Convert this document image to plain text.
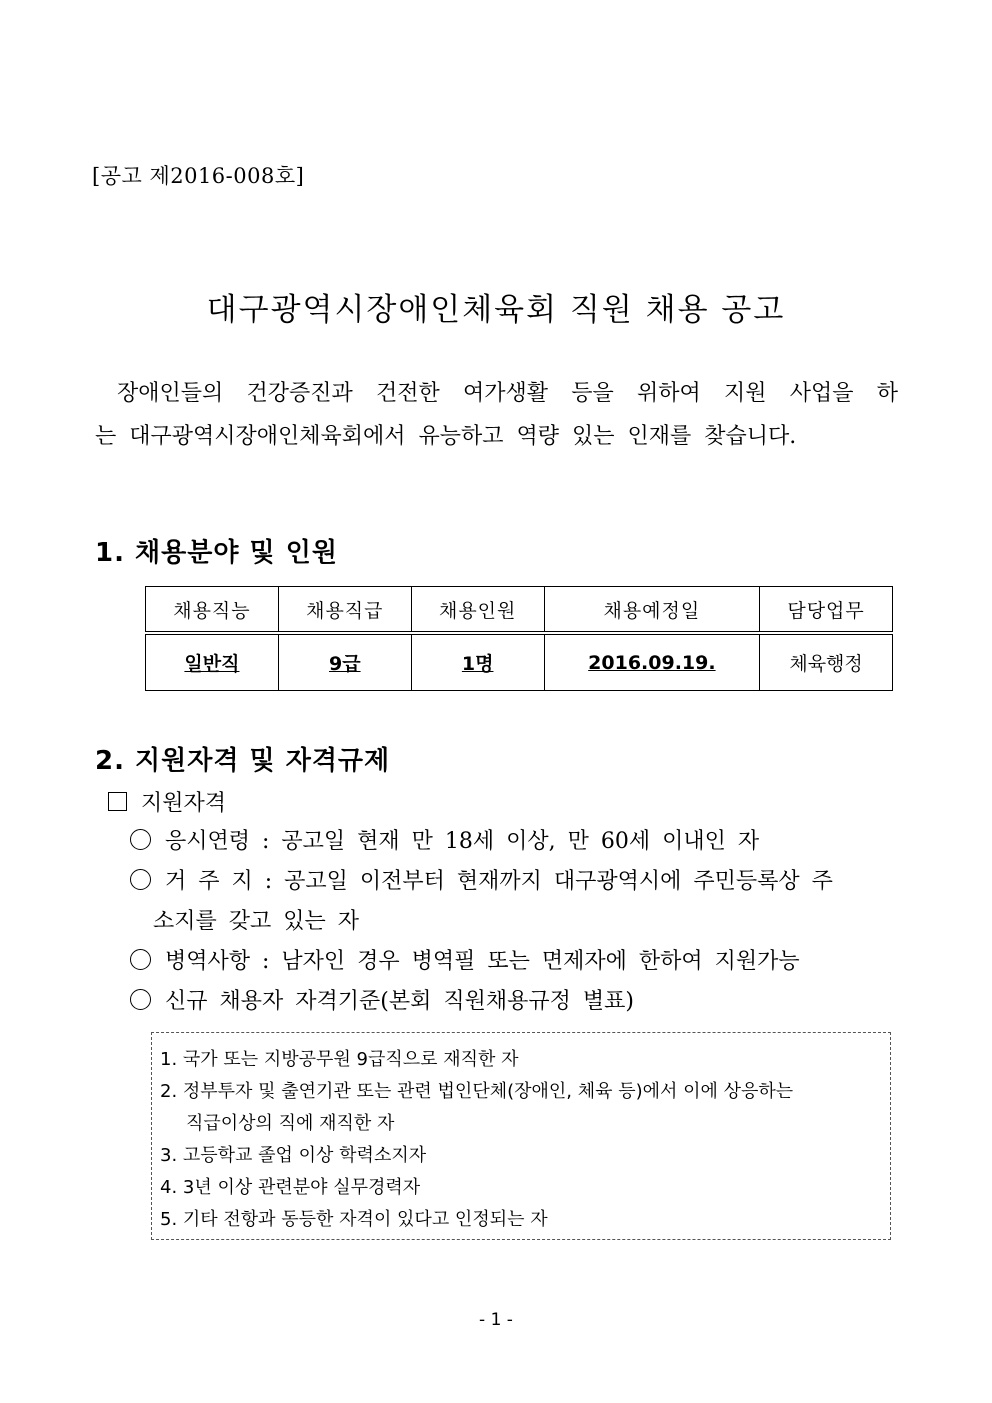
[공고 제2016-008호]
대구광역시장애인체육회 직원 채용 공고
장애인들의 건강증진과 건전한 여가생활 등을 위하여 지원 사업을 하
는 대구광역시장애인체육회에서 유능하고 역량 있는 인재를 찾습니다.
1. 채용분야 및 인원
채용직능	채용직급	채용인원	채용예정일	담당업무
일반직	9급	1명	2016.09.19.	체육행정
2. 지원자격 및 자격규제
지원자격
응시연령 : 공고일 현재 만 18세 이상, 만 60세 이내인 자
거 주 지 : 공고일 이전부터 현재까지 대구광역시에 주민등록상 주
소지를 갖고 있는 자
병역사항 : 남자인 경우 병역필 또는 면제자에 한하여 지원가능
신규 채용자 자격기준(본회 직원채용규정 별표)
1. 국가 또는 지방공무원 9급직으로 재직한 자
2. 정부투자 및 출연기관 또는 관련 법인단체(장애인, 체육 등)에서 이에 상응하는
직급이상의 직에 재직한 자
3. 고등학교 졸업 이상 학력소지자
4. 3년 이상 관련분야 실무경력자
5. 기타 전항과 동등한 자격이 있다고 인정되는 자
- 1 -
